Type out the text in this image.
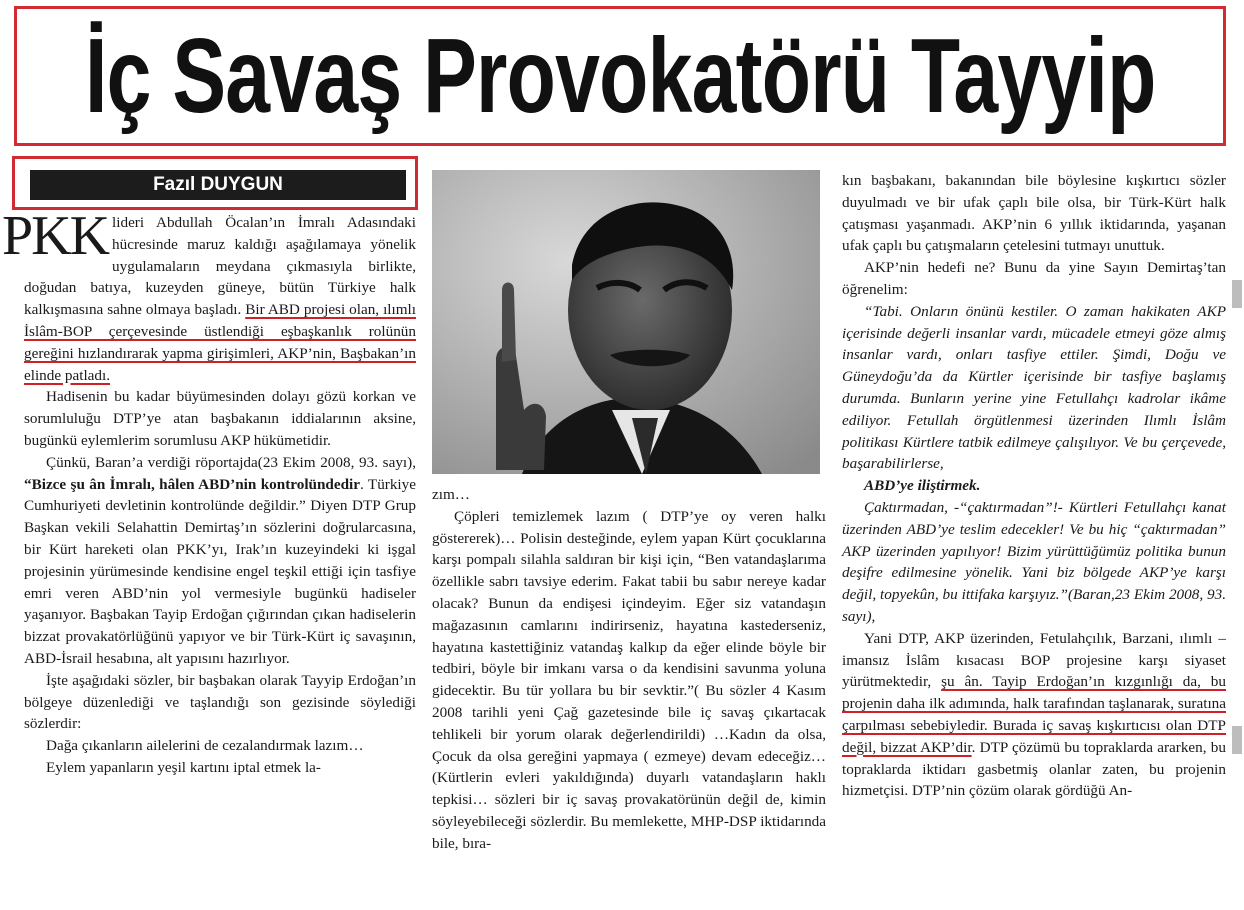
İç Savaş Provokatörü Tayyip
Fazıl DUYGUN

PKK lideri Abdullah Öcalan’ın İmralı Adasındaki hücresinde maruz kaldığı aşağılamaya yönelik uygulamaların meydana çıkmasıyla birlikte, doğudan batıya, kuzeyden güneye, bütün Türkiye halk kalkışmasına sahne olmaya başladı. Bir ABD projesi olan, ılımlı İslâm-BOP çerçevesinde üstlendiği eşbaşkanlık rolünün gereğini hızlandırarak yapma girişimleri, AKP’nin, Başbakan’ın elinde patladı.

Hadisenin bu kadar büyümesinden dolayı gözü korkan ve sorumluluğu DTP’ye atan başbakanın iddialarının aksine, bugünkü eylemlerim sorumlusu AKP hükümetidir.

Çünkü, Baran’a verdiği röportajda(23 Ekim 2008, 93. sayı), “Bizce şu ân İmralı, hâlen ABD’nin kontrolündedir. Türkiye Cumhuriyeti devletinin kontrolünde değildir.” Diyen DTP Grup Başkan vekili Selahattin Demirtaş’ın sözlerini doğrularcasına, bir Kürt hareketi olan PKK’yı, Irak’ın kuzeyindeki ki işgal projesinin yürümesinde kendisine engel teşkil ettiği için tasfiye emri veren ABD’nin yol vermesiyle bugünkü hadiseler yaşanıyor. Başbakan Tayip Erdoğan çığırından çıkan hadiselerin bizzat provakatörlüğünü yapıyor ve bir Türk-Kürt iç savaşının, ABD-İsrail hesabına, alt yapısını hazırlıyor.

İşte aşağıdaki sözler, bir başbakan olarak Tayyip Erdoğan’ın bölgeye düzenlediği ve taşlandığı son gezisinde söylediği sözlerdir:

Dağa çıkanların ailelerini de cezalandırmak lazım…

Eylem yapanların yeşil kartını iptal etmek la-

zım…

Çöpleri temizlemek lazım ( DTP’ye oy veren halkı göstererek)… Polisin desteğinde, eylem yapan Kürt çocuklarına karşı pompalı silahla saldıran bir kişi için, “Ben vatandaşlarıma özellikle sabrı tavsiye ederim. Fakat tabii bu sabır nereye kadar olacak? Bunun da endişesi içindeyim. Eğer siz vatandaşın mağazasının camlarını indirirseniz, hayatına kastederseniz, hayatına kastettiğiniz vatandaş kalkıp da eğer elinde böyle bir tedbiri, böyle bir imkanı varsa o da kendisini savunma yoluna gidecektir. Bu tür yollara bu bir sevktir.”( Bu sözler 4 Kasım 2008 tarihli yeni Çağ gazetesinde bile iç savaş çıkartacak tehlikeli bir yorum olarak değerlendirildi) …Kadın da olsa, Çocuk da olsa gereğini yapmaya ( ezmeye) devam edeceğiz… (Kürtlerin evleri yakıldığında) duyarlı vatandaşların haklı tepkisi… sözleri bir iç savaş provakatörünün değil de, kimin söyleyebileceği sözlerdir. Bu memlekette, MHP-DSP iktidarında bile, bıra-

kın başbakanı, bakanından bile böylesine kışkırtıcı sözler duyulmadı ve bir ufak çaplı bile olsa, bir Türk-Kürt halk çatışması yaşanmadı. AKP’nin 6 yıllık iktidarında, yaşanan ufak çaplı bu çatışmaların çetelesini tutmayı unuttuk.

AKP’nin hedefi ne? Bunu da yine Sayın Demirtaş’tan öğrenelim:

“Tabi. Onların önünü kestiler. O zaman hakikaten AKP içerisinde değerli insanlar vardı, mücadele etmeyi göze almış insanlar vardı, onları tasfiye ettiler. Şimdi, Doğu ve Güneydoğu’da da Kürtler içerisinde bir tasfiye başlamış durumda. Bunların yerine yine Fetullahçı kadrolar ikâme ediliyor. Fetullah örgütlenmesi üzerinden Ilımlı İslâm politikası Kürtlere tatbik edilmeye çalışılıyor. Ve bu çerçevede, başarabilirlerse,

ABD’ye iliştirmek.

Çaktırmadan, -“çaktırmadan”!- Kürtleri Fetullahçı kanat üzerinden ABD’ye teslim edecekler! Ve bu hiç “çaktırmadan” AKP üzerinden yapılıyor! Bizim yürüttüğümüz politika bunun deşifre edilmesine yönelik. Yani biz bölgede AKP’ye karşı değil, topyekûn, bu ittifaka karşıyız.”(Baran,23 Ekim 2008, 93. sayı),

Yani DTP, AKP üzerinden, Fetulahçılık, Barzani, ılımlı –imansız İslâm kısacası BOP projesine karşı siyaset yürütmektedir, şu ân. Tayip Erdoğan’ın kızgınlığı da, bu projenin daha ilk adımında, halk tarafından taşlanarak, suratına çarpılması sebebiyledir. Burada iç savaş kışkırtıcısı olan DTP değil, bizzat AKP’dir. DTP çözümü bu topraklarda ararken, bu topraklarda iktidarı gasbetmiş olanlar zaten, bu projenin hizmetçisi. DTP’nin çözüm olarak gördüğü An-
